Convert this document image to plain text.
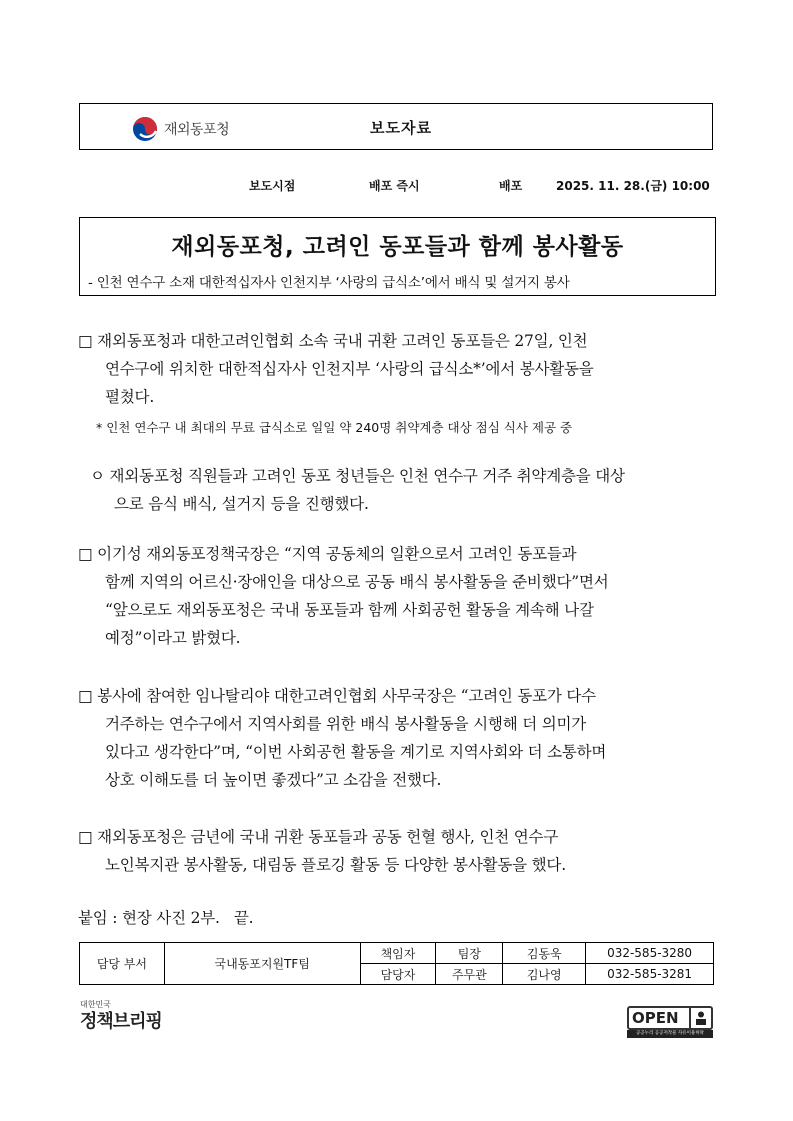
재외동포청	보도자료
보도시점	배포 즉시	배포	2025. 11. 28.(금) 10:00
재외동포청, 고려인 동포들과 함께 봉사활동
- 인천 연수구 소재 대한적십자사 인천지부 ‘사랑의 급식소’에서 배식 및 설거지 봉사
□ 재외동포청과 대한고려인협회 소속 국내 귀환 고려인 동포들은 27일, 인천
연수구에 위치한 대한적십자사 인천지부 ‘사랑의 급식소*’에서 봉사활동을
펼쳤다.
* 인천 연수구 내 최대의 무료 급식소로 일일 약 240명 취약계층 대상 점심 식사 제공 중
ㅇ 재외동포청 직원들과 고려인 동포 청년들은 인천 연수구 거주 취약계층을 대상
으로 음식 배식, 설거지 등을 진행했다.
□ 이기성 재외동포정책국장은 “지역 공동체의 일환으로서 고려인 동포들과
함께 지역의 어르신·장애인을 대상으로 공동 배식 봉사활동을 준비했다”면서
“앞으로도 재외동포청은 국내 동포들과 함께 사회공헌 활동을 계속해 나갈
예정”이라고 밝혔다.
□ 봉사에 참여한 임나탈리야 대한고려인협회 사무국장은 “고려인 동포가 다수
거주하는 연수구에서 지역사회를 위한 배식 봉사활동을 시행해 더 의미가
있다고 생각한다”며, “이번 사회공헌 활동을 계기로 지역사회와 더 소통하며
상호 이해도를 더 높이면 좋겠다”고 소감을 전했다.
□ 재외동포청은 금년에 국내 귀환 동포들과 공동 헌혈 행사, 인천 연수구
노인복지관 봉사활동, 대림동 플로깅 활동 등 다양한 봉사활동을 했다.
붙임 : 현장 사진 2부.   끝.
담당 부서	국내동포지원TF팀	책임자	팀장	김동욱	032-585-3280
		담당자	주무관	김나영	032-585-3281
대한민국
정책브리핑	OPEN
공공누리 공공저작물 자유이용허락
